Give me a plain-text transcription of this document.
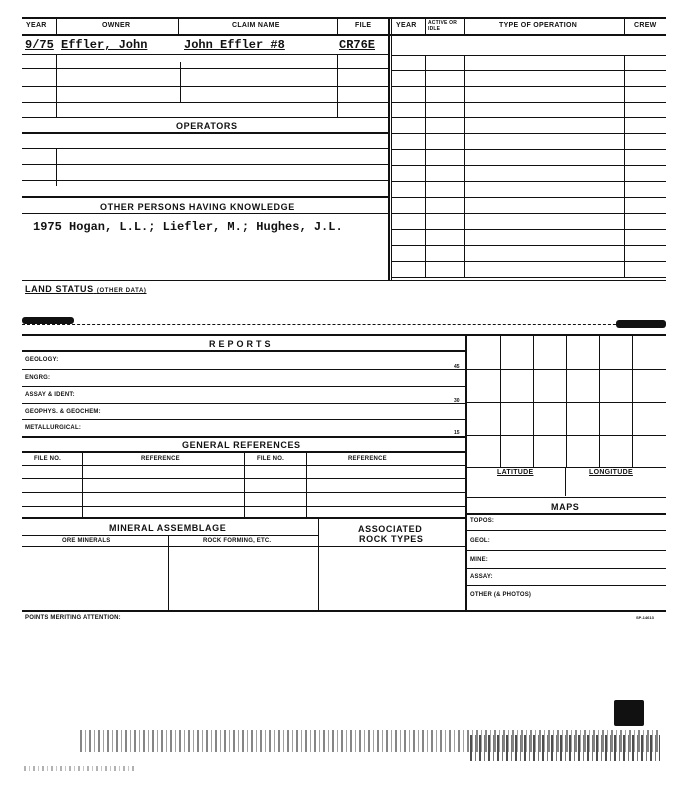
YEAR	OWNER	CLAIM NAME	FILE	YEAR ACTIVE OR IDLE	TYPE OF OPERATION	CREW
9/75 Effler, John	John Effler #8	CR76E
OPERATORS
OTHER PERSONS HAVING KNOWLEDGE
1975 Hogan, L.L.; Liefler, M.; Hughes, J.L.
LAND STATUS (OTHER DATA)
REPORTS
GEOLOGY:
45
ENGRG:
ASSAY & IDENT:
30
GEOPHYS. & GEOCHEM:
METALLURGICAL:
15
GENERAL REFERENCES
FILE NO.	REFERENCE	FILE NO.	REFERENCE
MINERAL ASSEMBLAGE
ORE MINERALS	ROCK FORMING, ETC.
ASSOCIATED
ROCK TYPES
LATITUDE	LONGITUDE
MAPS
TOPOS:
GEOL:
MINE:
ASSAY:
OTHER (& PHOTOS)
POINTS MERITING ATTENTION:	SP-14613
